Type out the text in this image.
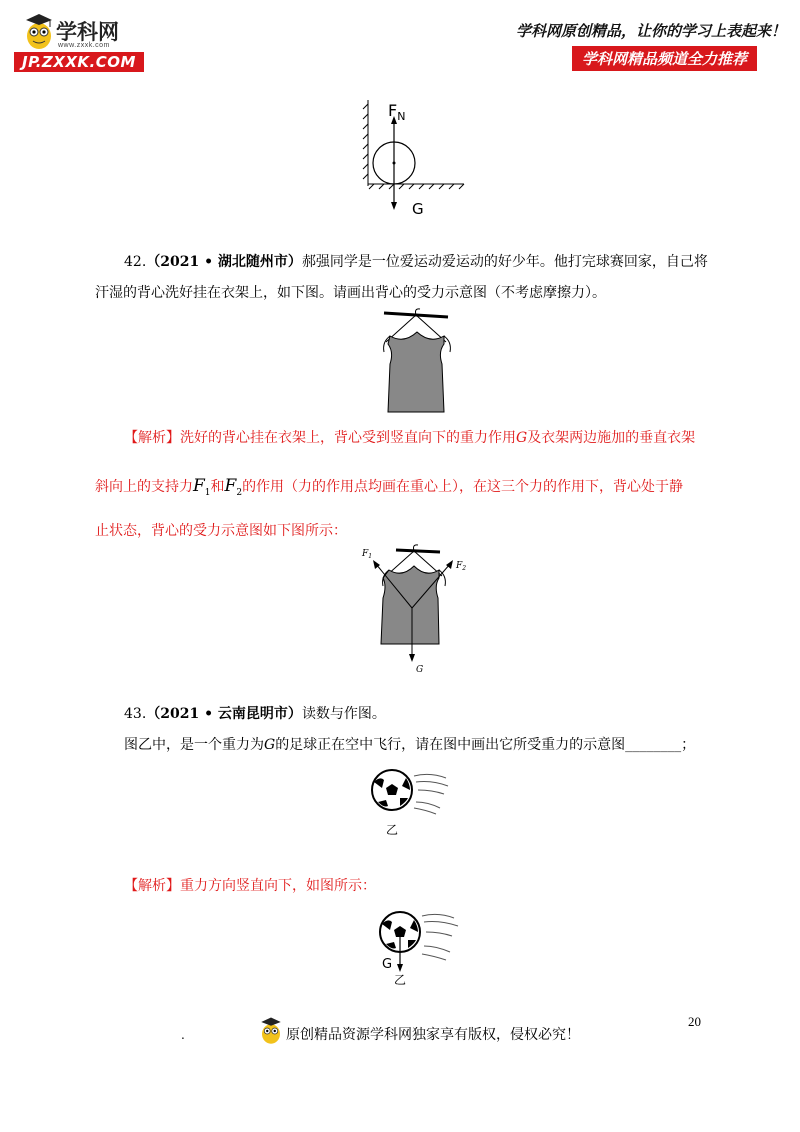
学科网
www.zxxk.com
JP.ZXXK.COM
学科网原创精品，让你的学习上表起来！
学科网精品频道全力推荐
$F_N$
G
42.（2021 • 湖北随州市）郝强同学是一位爱运动爱运动的好少年。他打完球赛回家，自己将
汗湿的背心洗好挂在衣架上，如下图。请画出背心的受力示意图（不考虑摩擦力）。
【解析】洗好的背心挂在衣架上，背心受到竖直向下的重力作用G及衣架两边施加的垂直衣架
斜向上的支持力$F_1$和$F_2$的作用（力的作用点均画在重心上），在这三个力的作用下，背心处于静
止状态，背心的受力示意图如下图所示：
$F_1$
$F_2$
G
43.（2021 • 云南昆明市）读数与作图。
图乙中，是一个重力为G的足球正在空中飞行，请在图中画出它所受重力的示意图________；
乙
【解析】重力方向竖直向下，如图所示：
G
乙
20
.	原创精品资源学科网独家享有版权，侵权必究！
